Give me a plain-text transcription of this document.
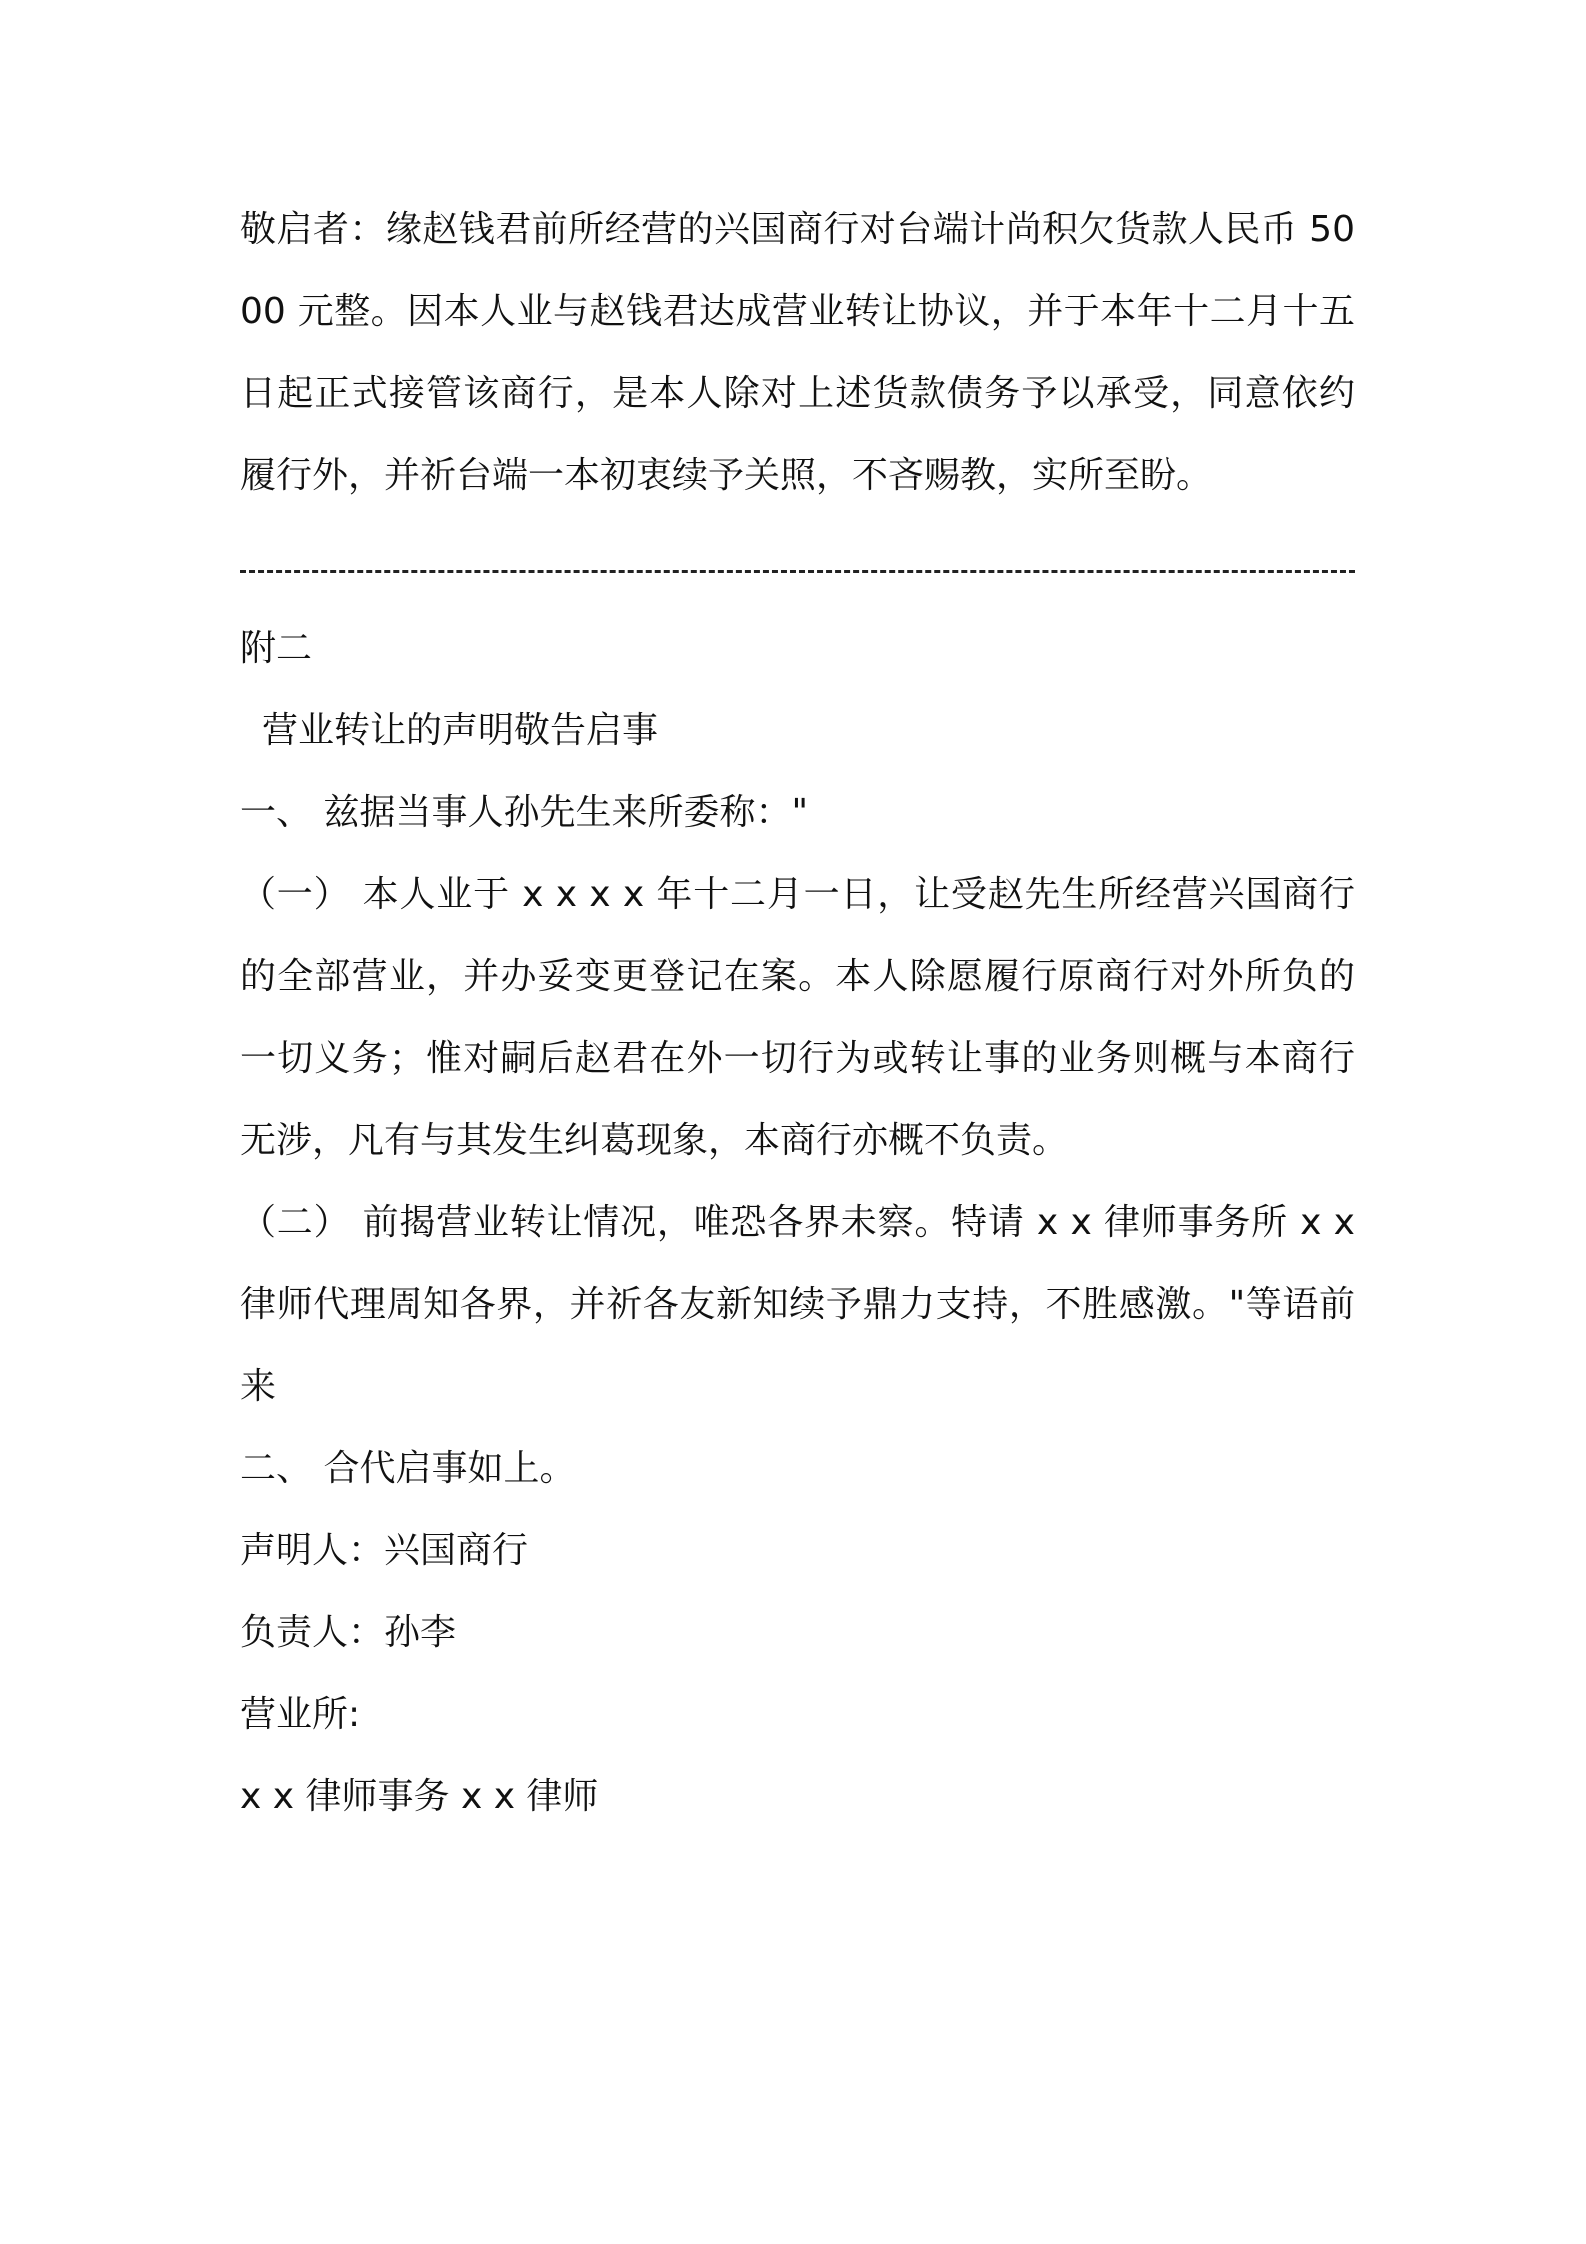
敬启者：缘赵钱君前所经营的兴国商行对台端计尚积欠货款人民币 5000 元整。因本人业与赵钱君达成营业转让协议，并于本年十二月十五日起正式接管该商行，是本人除对上述货款债务予以承受，同意依约履行外，并祈台端一本初衷续予关照，不吝赐教，实所至盼。

附二

营业转让的声明敬告启事

一、 兹据当事人孙先生来所委称："

（一） 本人业于 x x x x 年十二月一日，让受赵先生所经营兴国商行的全部营业，并办妥变更登记在案。本人除愿履行原商行对外所负的一切义务；惟对嗣后赵君在外一切行为或转让事的业务则概与本商行无涉，凡有与其发生纠葛现象，本商行亦概不负责。

（二） 前揭营业转让情况，唯恐各界未察。特请 x x 律师事务所 x x 律师代理周知各界，并祈各友新知续予鼎力支持，不胜感激。"等语前来

二、 合代启事如上。

声明人：兴国商行

负责人：孙李

营业所:

x x 律师事务 x x 律师
